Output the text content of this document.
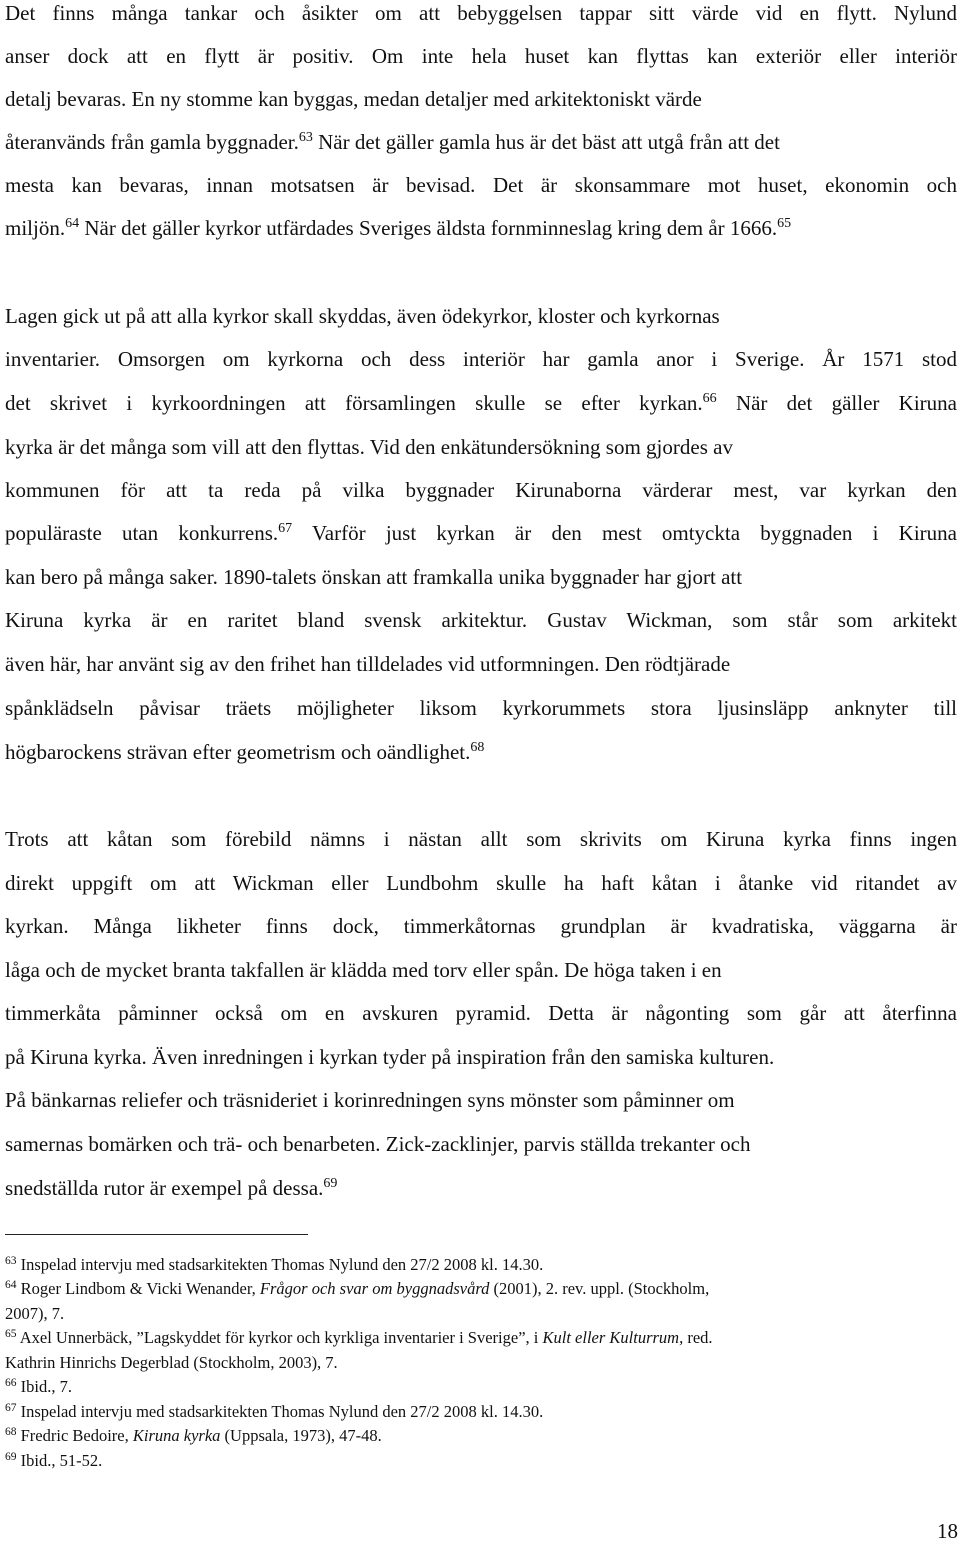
Det finns många tankar och åsikter om att bebyggelsen tappar sitt värde vid en flytt. Nylund
anser dock att en flytt är positiv. Om inte hela huset kan flyttas kan exteriör eller interiör
detalj bevaras. En ny stomme kan byggas, medan detaljer med arkitektoniskt värde
återanvänds från gamla byggnader.$^{63}$ När det gäller gamla hus är det bäst att utgå från att det
mesta kan bevaras, innan motsatsen är bevisad. Det är skonsammare mot huset, ekonomin och
miljön.$^{64}$ När det gäller kyrkor utfärdades Sveriges äldsta fornminneslag kring dem år 1666.65
Lagen gick ut på att alla kyrkor skall skyddas, även ödekyrkor, kloster och kyrkornas
inventarier. Omsorgen om kyrkorna och dess interiör har gamla anor i Sverige. År 1571 stod
det skrivet i kyrkoordningen att församlingen skulle se efter kyrkan.$^{66}$ När det gäller Kiruna
kyrka är det många som vill att den flyttas. Vid den enkätundersökning som gjordes av
kommunen för att ta reda på vilka byggnader Kirunaborna värderar mest, var kyrkan den
populäraste utan konkurrens.$^{67}$ Varför just kyrkan är den mest omtyckta byggnaden i Kiruna
kan bero på många saker. 1890-talets önskan att framkalla unika byggnader har gjort att
Kiruna kyrka är en raritet bland svensk arkitektur. Gustav Wickman, som står som arkitekt
även här, har använt sig av den frihet han tilldelades vid utformningen. Den rödtjärade
spånklädseln påvisar träets möjligheter liksom kyrkorummets stora ljusinsläpp anknyter till
högbarockens strävan efter geometrism och oändlighet.$^{68}$
Trots att kåtan som förebild nämns i nästan allt som skrivits om Kiruna kyrka finns ingen
direkt uppgift om att Wickman eller Lundbohm skulle ha haft kåtan i åtanke vid ritandet av
kyrkan. Många likheter finns dock, timmerkåtornas grundplan är kvadratiska, väggarna är
låga och de mycket branta takfallen är klädda med torv eller spån. De höga taken i en
timmerkåta påminner också om en avskuren pyramid. Detta är någonting som går att återfinna
på Kiruna kyrka. Även inredningen i kyrkan tyder på inspiration från den samiska kulturen.
På bänkarnas reliefer och träsnideriet i korinredningen syns mönster som påminner om
samernas bomärken och trä- och benarbeten. Zick-zacklinjer, parvis ställda trekanter och
snedställda rutor är exempel på dessa.$^{69}$
$^{63}$ Inspelad intervju med stadsarkitekten Thomas Nylund den 27/2 2008 kl. 14.30.
$^{64}$ Roger Lindbom & Vicki Wenander, Frågor och svar om byggnadsvård (2001), 2. rev. uppl. (Stockholm,
2007), 7.
$^{65}$ Axel Unnerbäck, ”Lagskyddet för kyrkor och kyrkliga inventarier i Sverige”, i Kult eller Kulturrum, red.
Kathrin Hinrichs Degerblad (Stockholm, 2003), 7.
$^{66}$ Ibid., 7.
$^{67}$ Inspelad intervju med stadsarkitekten Thomas Nylund den 27/2 2008 kl. 14.30.
$^{68}$ Fredric Bedoire, Kiruna kyrka (Uppsala, 1973), 47-48.
$^{69}$ Ibid., 51-52.
18
